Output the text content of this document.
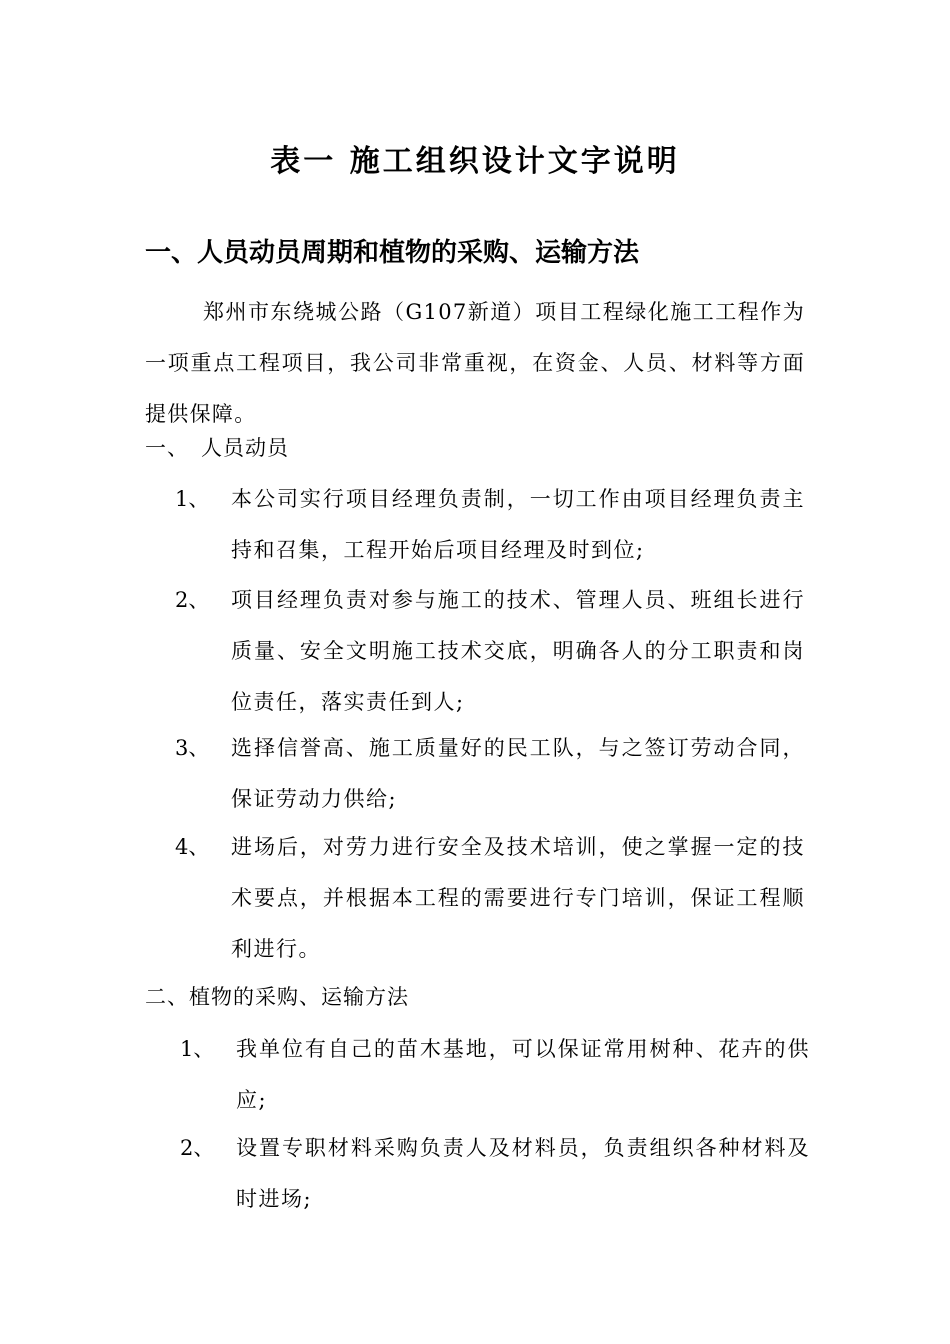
表一 施工组织设计文字说明
一、人员动员周期和植物的采购、运输方法

郑州市东绕城公路（G107新道）项目工程绿化施工工程作为一项重点工程项目，我公司非常重视，在资金、人员、材料等方面提供保障。

一、 人员动员

1、 本公司实行项目经理负责制，一切工作由项目经理负责主持和召集，工程开始后项目经理及时到位;
2、 项目经理负责对参与施工的技术、管理人员、班组长进行质量、安全文明施工技术交底，明确各人的分工职责和岗位责任，落实责任到人;
3、 选择信誉高、施工质量好的民工队，与之签订劳动合同，保证劳动力供给;
4、 进场后，对劳力进行安全及技术培训，使之掌握一定的技术要点，并根据本工程的需要进行专门培训，保证工程顺利进行。

二、植物的采购、运输方法

1、 我单位有自己的苗木基地，可以保证常用树种、花卉的供应;
2、 设置专职材料采购负责人及材料员，负责组织各种材料及时进场;
